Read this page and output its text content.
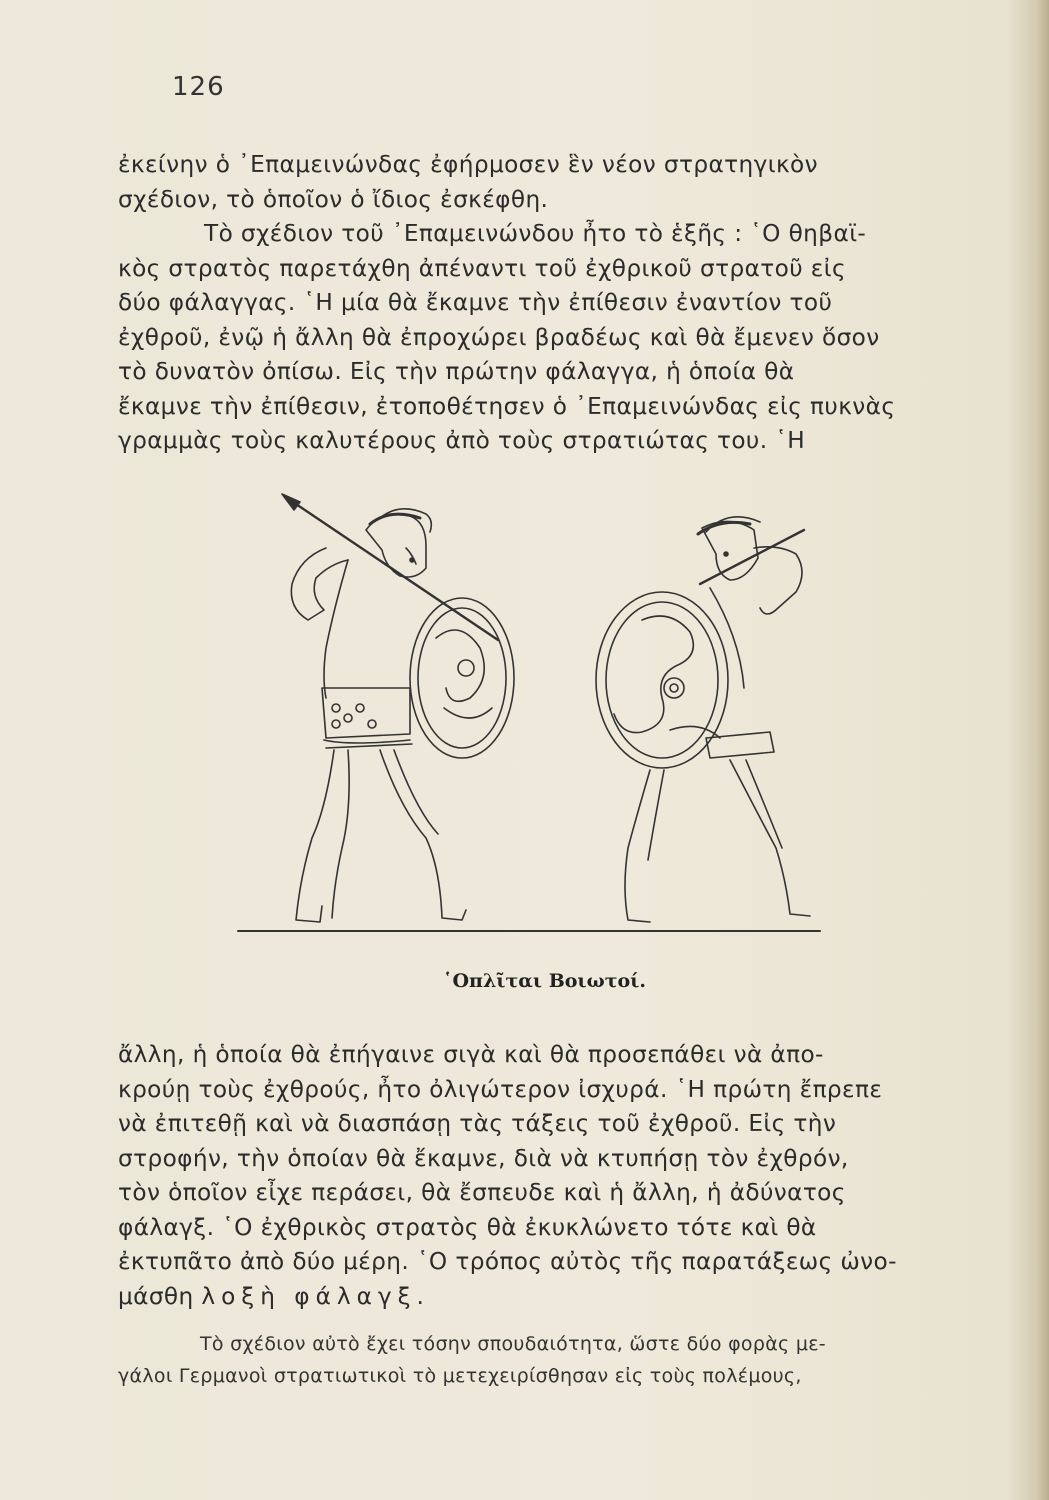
126
ἐκείνην ὁ ᾿Επαμεινώνδας ἐφήρμοσεν ἓν νέον στρατηγικὸν
σχέδιον, τὸ ὁποῖον ὁ ἴδιος ἐσκέφθη.
Τὸ σχέδιον τοῦ ᾿Επαμεινώνδου ἦτο τὸ ἑξῆς : ῾Ο θηβαϊ-
κὸς στρατὸς παρετάχθη ἀπέναντι τοῦ ἐχθρικοῦ στρατοῦ εἰς
δύο φάλαγγας. ῾Η μία θὰ ἔκαμνε τὴν ἐπίθεσιν ἐναντίον τοῦ
ἐχθροῦ, ἐνῷ ἡ ἄλλη θὰ ἐπροχώρει βραδέως καὶ θὰ ἔμενεν ὅσον
τὸ δυνατὸν ὀπίσω. Εἰς τὴν πρώτην φάλαγγα, ἡ ὁποία θὰ
ἔκαμνε τὴν ἐπίθεσιν, ἐτοποθέτησεν ὁ ᾿Επαμεινώνδας εἰς πυκνὰς
γραμμὰς τοὺς καλυτέρους ἀπὸ τοὺς στρατιώτας του. ῾Η
῾Οπλῖται Βοιωτοί.
ἄλλη, ἡ ὁποία θὰ ἐπήγαινε σιγὰ καὶ θὰ προσεπάθει νὰ ἀπο-
κρούῃ τοὺς ἐχθρούς, ἦτο ὀλιγώτερον ἰσχυρά. ῾Η πρώτη ἔπρεπε
νὰ ἐπιτεθῇ καὶ νὰ διασπάσῃ τὰς τάξεις τοῦ ἐχθροῦ. Εἰς τὴν
στροφήν, τὴν ὁποίαν θὰ ἔκαμνε, διὰ νὰ κτυπήσῃ τὸν ἐχθρόν,
τὸν ὁποῖον εἶχε περάσει, θὰ ἔσπευδε καὶ ἡ ἄλλη, ἡ ἀδύνατος
φάλαγξ. ῾Ο ἐχθρικὸς στρατὸς θὰ ἐκυκλώνετο τότε καὶ θὰ
ἐκτυπᾶτο ἀπὸ δύο μέρη. ῾Ο τρόπος αὐτὸς τῆς παρατάξεως ὠνο-
μάσθη λοξὴ φάλαγξ.
Τὸ σχέδιον αὐτὸ ἔχει τόσην σπουδαιότητα, ὥστε δύο φορὰς με-
γάλοι Γερμανοὶ στρατιωτικοὶ τὸ μετεχειρίσθησαν εἰς τοὺς πολέμους,
